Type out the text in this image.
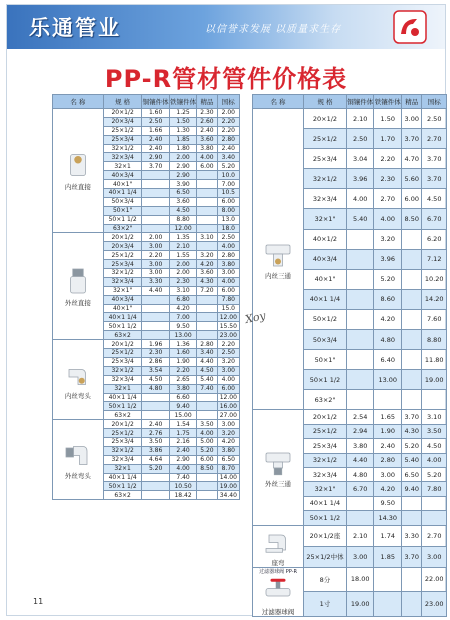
乐通管业	以信誉求发展 以质量求生存
PP-R管材管件价格表
名 称	规 格	铜镶件体	铁镶件体	精品	国标

内丝直接	20×1/2	1.60	1.25	2.30	2.00
	20×3/4	2.50	1.50	2.60	2.20
	25×1/2	1.66	1.30	2.40	2.20
	25×3/4	2.40	1.85	3.60	2.80
	32×1/2	2.40	1.80	3.80	2.40
	32×3/4	2.90	2.00	4.00	3.40
	32×1	3.70	2.90	6.00	5.20
	40×3/4		2.90		10.0
	40×1"		3.90		7.00
	40×1 1/4		6.50		10.5
	50×3/4		3.60		6.00
	50×1"		4.50		8.00
	50×1 1/2		8.80		13.0
	63×2"		12.00		18.0

外丝直接	20×1/2	2.00	1.35	3.10	2.50
	20×3/4	3.00	2.10		4.00
	25×1/2	2.20	1.55	3.20	2.80
	25×3/4	3.00	2.00	4.20	3.80
	32×1/2	3.00	2.00	3.60	3.00
	32×3/4	3.30	2.30	4.30	4.00
	32×1"	4.40	3.10	7.20	6.00
	40×3/4		6.80		7.80
	40×1"		4.20		15.0
	40×1 1/4		7.00		12.00
	50×1 1/2		9.50		15.50
	63×2		13.00		23.00

内丝弯头	20×1/2	1.96	1.36	2.80	2.20
	25×1/2	2.30	1.60	3.40	2.50
	25×3/4	2.86	1.90	4.40	3.20
	32×1/2	3.54	2.20	4.50	3.00
	32×3/4	4.50	2.65	5.40	4.00
	32×1	4.80	3.80	7.40	6.00
	40×1 1/4		6.60		12.00
	50×1 1/2		9.40		16.00
	63×2		15.00		27.00

外丝弯头	20×1/2	2.40	1.54	3.50	3.00
	25×1/2	2.76	1.75	4.00	3.20
	25×3/4	3.50	2.16	5.00	4.20
	32×1/2	3.86	2.40	5.20	3.80
	32×3/4	4.64	2.90	6.00	6.50
	32×1	5.20	4.00	8.50	8.70
	40×1 1/4		7.40		14.00
	50×1 1/2		10.50		19.00
	63×2		18.42		34.40
名 称	规 格	铜镶件体	铁镶件体	精品	国标

内丝三通	20×1/2	2.10	1.50	3.00	2.50
	25×1/2	2.50	1.70	3.70	2.70
	25×3/4	3.04	2.20	4.70	3.70
	32×1/2	3.96	2.30	5.60	3.70
	32×3/4	4.00	2.70	6.00	4.50
	32×1"	5.40	4.00	8.50	6.70
	40×1/2		3.20		6.20
	40×3/4		3.96		7.12
	40×1"		5.20		10.20
	40×1 1/4		8.60		14.20
	50×1/2		4.20		7.60
	50×3/4		4.80		8.80
	50×1"		6.40		11.80
	50×1 1/2		13.00		19.00
	63×2"				

外丝三通	20×1/2	2.54	1.65	3.70	3.10
	25×1/2	2.94	1.90	4.30	3.50
	25×3/4	3.80	2.40	5.20	4.50
	32×1/2	4.40	2.80	5.40	4.00
	32×3/4	4.80	3.00	6.50	5.20
	32×1"	6.70	4.20	9.40	7.80
	40×1 1/4		9.50		
	50×1 1/2		14.30		

座弯	20×1/2座	2.10	1.74	3.30	2.70
	25×1/2中体	3.00	1.85	3.70	3.00

过滤器球阀 PP-R
过滤器球阀	8分	18.00			22.00
	1寸	19.00			23.00
Xoy
11
